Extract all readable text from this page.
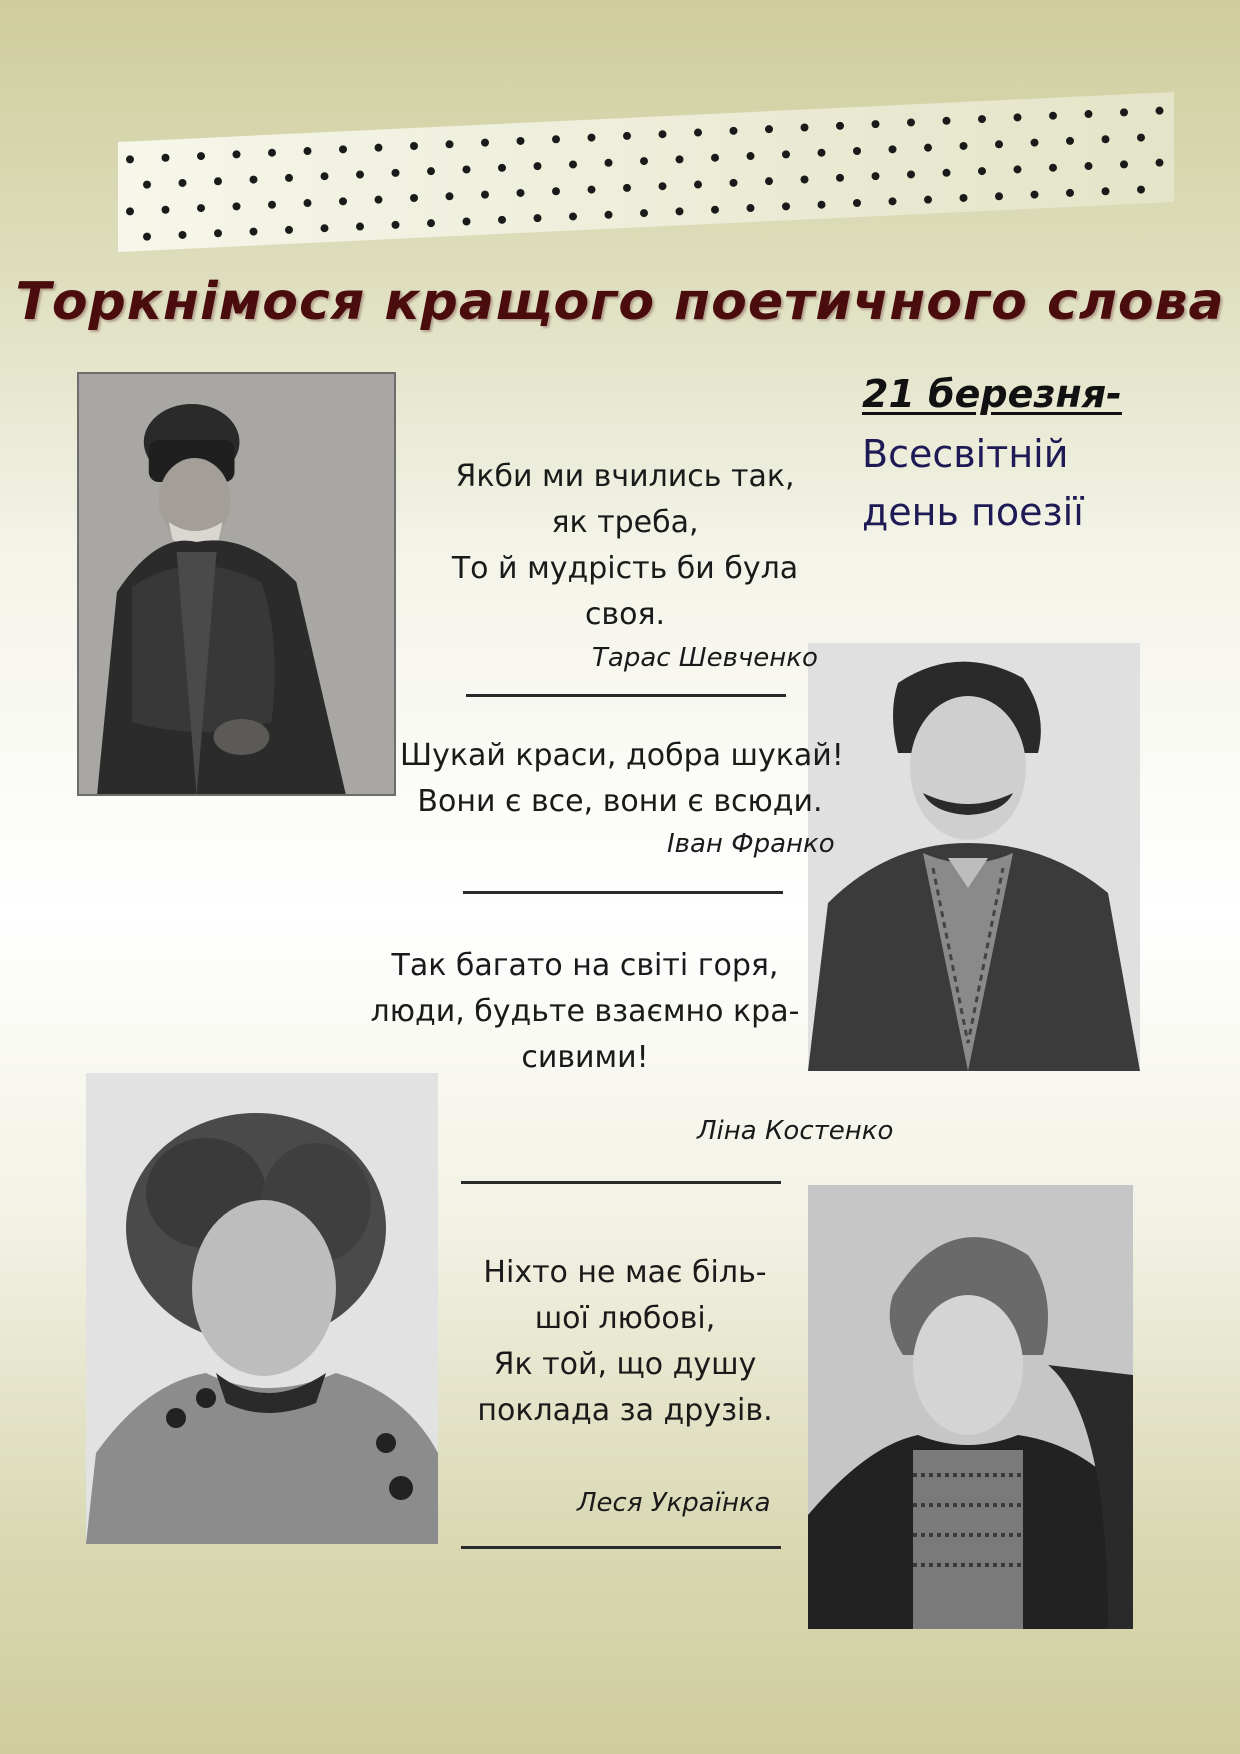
Торкнімося кращого поетичного слова
21 березня-
Всесвітній
день поезії
Якби ми вчились так,
як треба,
То й мудрість би була
своя.
Тарас Шевченко
Шукай краси, добра шукай!
Вони є все, вони є всюди.
Іван Франко
Так багато на світі горя,
люди, будьте взаємно кра-
сивими!
Ліна Костенко
Ніхто не має біль-
шої любові,
Як той, що душу
поклада за друзів.
Леся Українка
